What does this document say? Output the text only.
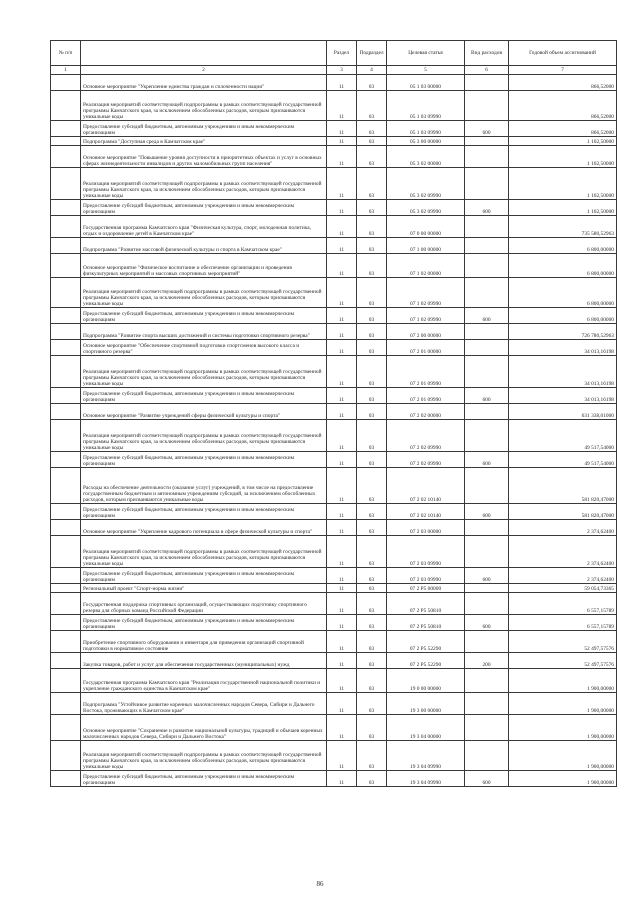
№ п/п		Раздел	Подраздел	Целевая статья	Вид расходов	Годовой объем ассигнований
1	2	3	4	5	6	7
	Основное мероприятие "Укрепление единства граждан и сплоченности нации"	11	03	05 1 03 00000		866,52000
	Реализация мероприятий соответствующей подпрограммы в рамках соответствующей государственной программы Камчатского края, за исключением обособленных расходов, которым присваиваются уникальные коды	11	03	05 1 03 09990		866,52000
	Предоставление субсидий бюджетным, автономным учреждениям и иным некоммерческим организациям	11	03	05 1 03 09990	600	866,52000
	Подпрограмма "Доступная среда в Камчатском крае"	11	03	05 3 00 00000		1 102,50000
	Основное мероприятие "Повышение уровня доступности в приоритетных объектах и услуг в основных сферах жизнедеятельности инвалидов и других маломобильных групп населения"	11	03	05 3 02 00000		1 102,50000
	Реализация мероприятий соответствующей подпрограммы в рамках соответствующей государственной программы Камчатского края, за исключением обособленных расходов, которым присваиваются уникальные коды	11	03	05 3 02 09990		1 102,50000
	Предоставление субсидий бюджетным, автономным учреждениям и иным некоммерческим организациям	11	03	05 3 02 09990	600	1 102,50000
	Государственная программа Камчатского края "Физическая культура, спорт, молодежная политика, отдых и оздоровление детей в Камчатском крае"	11	03	07 0 00 00000		735 580,52963
	Подпрограмма "Развитие массовой физической культуры и спорта в Камчатском крае"	11	03	07 1 00 00000		6 800,00000
	Основное мероприятие "Физическое воспитание и обеспечение организации и проведения физкультурных мероприятий и массовых спортивных мероприятий"	11	03	07 1 02 00000		6 800,00000
	Реализация мероприятий соответствующей подпрограммы в рамках соответствующей государственной программы Камчатского края, за исключением обособленных расходов, которым присваиваются уникальные коды	11	03	07 1 02 09990		6 800,00000
	Предоставление субсидий бюджетным, автономным учреждениям и иным некоммерческим организациям	11	03	07 1 02 09990	600	6 800,00000
	Подпрограмма "Развитие спорта высших достижений и системы подготовки спортивного резерва"	11	03	07 2 00 00000		726 780,52963
	Основное мероприятие "Обеспечение спортивной подготовки спортсменов высокого класса и спортивного резерва"	11	03	07 2 01 00000		34 013,16198
	Реализация мероприятий соответствующей подпрограммы в рамках соответствующей государственной программы Камчатского края, за исключением обособленных расходов, которым присваиваются уникальные коды	11	03	07 2 01 09990		34 013,16198
	Предоставление субсидий бюджетным, автономным учреждениям и иным некоммерческим организациям	11	03	07 2 01 09990	600	34 013,16198
	Основное мероприятие "Развитие учреждений сферы физической культуры и спорта"	11	03	07 2 02 00000		631 338,01000
	Реализация мероприятий соответствующей подпрограммы в рамках соответствующей государственной программы Камчатского края, за исключением обособленных расходов, которым присваиваются уникальные коды	11	03	07 2 02 09990		49 517,54000
	Предоставление субсидий бюджетным, автономным учреждениям и иным некоммерческим организациям	11	03	07 2 02 09990	600	49 517,54000
	Расходы на обеспечение деятельности (оказание услуг) учреждений, в том числе на предоставление государственным бюджетным и автономным учреждениям субсидий, за исключением обособленных расходов, которым присваиваются уникальные коды	11	03	07 2 02 10140		581 820,47000
	Предоставление субсидий бюджетным, автономным учреждениям и иным некоммерческим организациям	11	03	07 2 02 10140	600	581 820,47000
	Основное мероприятие "Укрепление кадрового потенциала в сфере физической культуры и спорта"	11	03	07 2 03 00000		2 374,62400
	Реализация мероприятий соответствующей подпрограммы в рамках соответствующей государственной программы Камчатского края, за исключением обособленных расходов, которым присваиваются уникальные коды	11	03	07 2 03 09990		2 374,62400
	Предоставление субсидий бюджетным, автономным учреждениям и иным некоммерческим организациям	11	03	07 2 03 09990	600	2 374,62400
	Региональный проект "Спорт-норма жизни"	11	03	07 2 P5 00000		59 054,73365
	Государственная поддержка спортивных организаций, осуществляющих подготовку спортивного резерва для сборных команд Российской Федерации	11	03	07 2 P5 50810		6 557,15789
	Предоставление субсидий бюджетным, автономным учреждениям и иным некоммерческим организациям	11	03	07 2 P5 50810	600	6 557,15789
	Приобретение спортивного оборудования и инвентаря для приведения организаций спортивной подготовки в нормативное состояние	11	03	07 2 P5 52290		52 497,57576
	Закупка товаров, работ и услуг для обеспечения государственных (муниципальных) нужд	11	03	07 2 P5 52290	200	52 497,57576
	Государственная программа Камчатского края "Реализация государственной национальной политики и укрепление гражданского единства в Камчатском крае"	11	03	19 0 00 00000		1 900,00000
	Подпрограмма "Устойчивое развитие коренных малочисленных народов Севера, Сибири и Дальнего Востока, проживающих в Камчатском крае"	11	03	19 3 00 00000		1 900,00000
	Основное мероприятие "Сохранение и развитие национальной культуры, традиций и обычаев коренных малочисленных народов Севера, Сибири и Дальнего Востока"	11	03	19 3 04 00000		1 900,00000
	Реализация мероприятий соответствующей подпрограммы в рамках соответствующей государственной программы Камчатского края, за исключением обособленных расходов, которым присваиваются уникальные коды	11	03	19 3 04 09990		1 900,00000
	Предоставление субсидий бюджетным, автономным учреждениям и иным некоммерческим организациям	11	03	19 3 04 09990	600	1 900,00000
86
